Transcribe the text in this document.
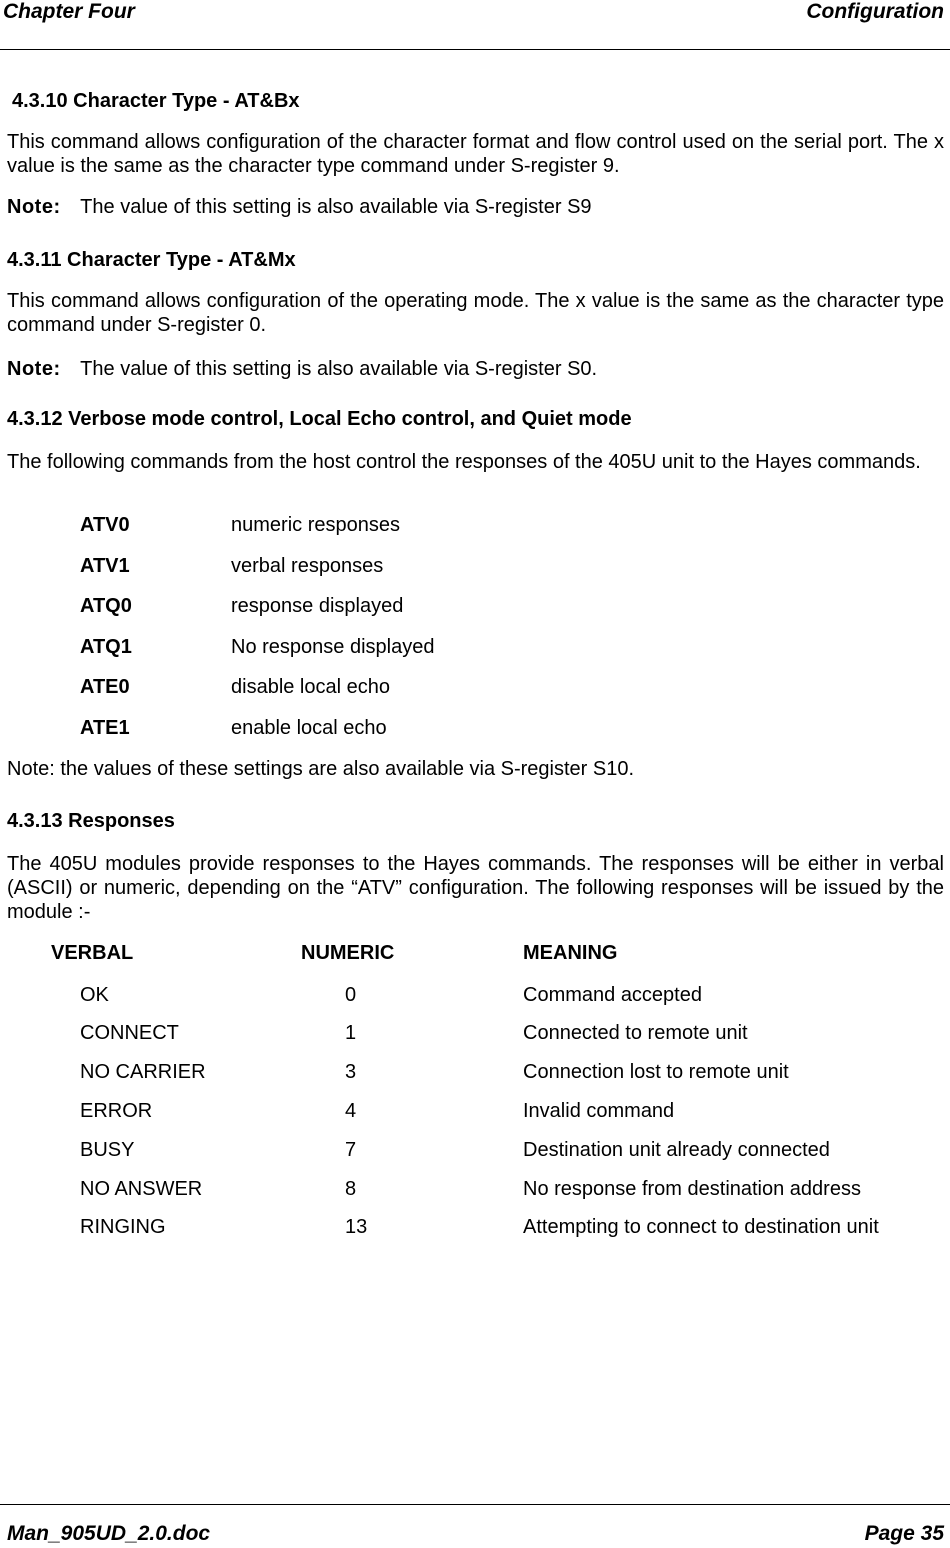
Chapter Four	Configuration
4.3.10 Character Type - AT&Bx
This command allows configuration of the character format and flow control used on the serial port. The x value is the same as the character type command under S-register 9.
Note: The value of this setting is also available via S-register S9
4.3.11 Character Type - AT&Mx
This command allows configuration of the operating mode. The x value is the same as the character type command under S-register 0.
Note: The value of this setting is also available via S-register S0.
4.3.12 Verbose mode control, Local Echo control, and Quiet mode
The following commands from the host control the responses of the 405U unit to the Hayes commands.
ATV0	numeric responses
ATV1	verbal responses
ATQ0	response displayed
ATQ1	No response displayed
ATE0	disable local echo
ATE1	enable local echo
Note: the values of these settings are also available via S-register S10.
4.3.13 Responses
The 405U modules provide responses to the Hayes commands. The responses will be either in verbal (ASCII) or numeric, depending on the “ATV” configuration. The following responses will be issued by the module :-
VERBAL	NUMERIC	MEANING
OK	0	Command accepted
CONNECT	1	Connected to remote unit
NO CARRIER	3	Connection lost to remote unit
ERROR	4	Invalid command
BUSY	7	Destination unit already connected
NO ANSWER	8	No response from destination address
RINGING	13	Attempting to connect to destination unit
Man_905UD_2.0.doc	Page 35
